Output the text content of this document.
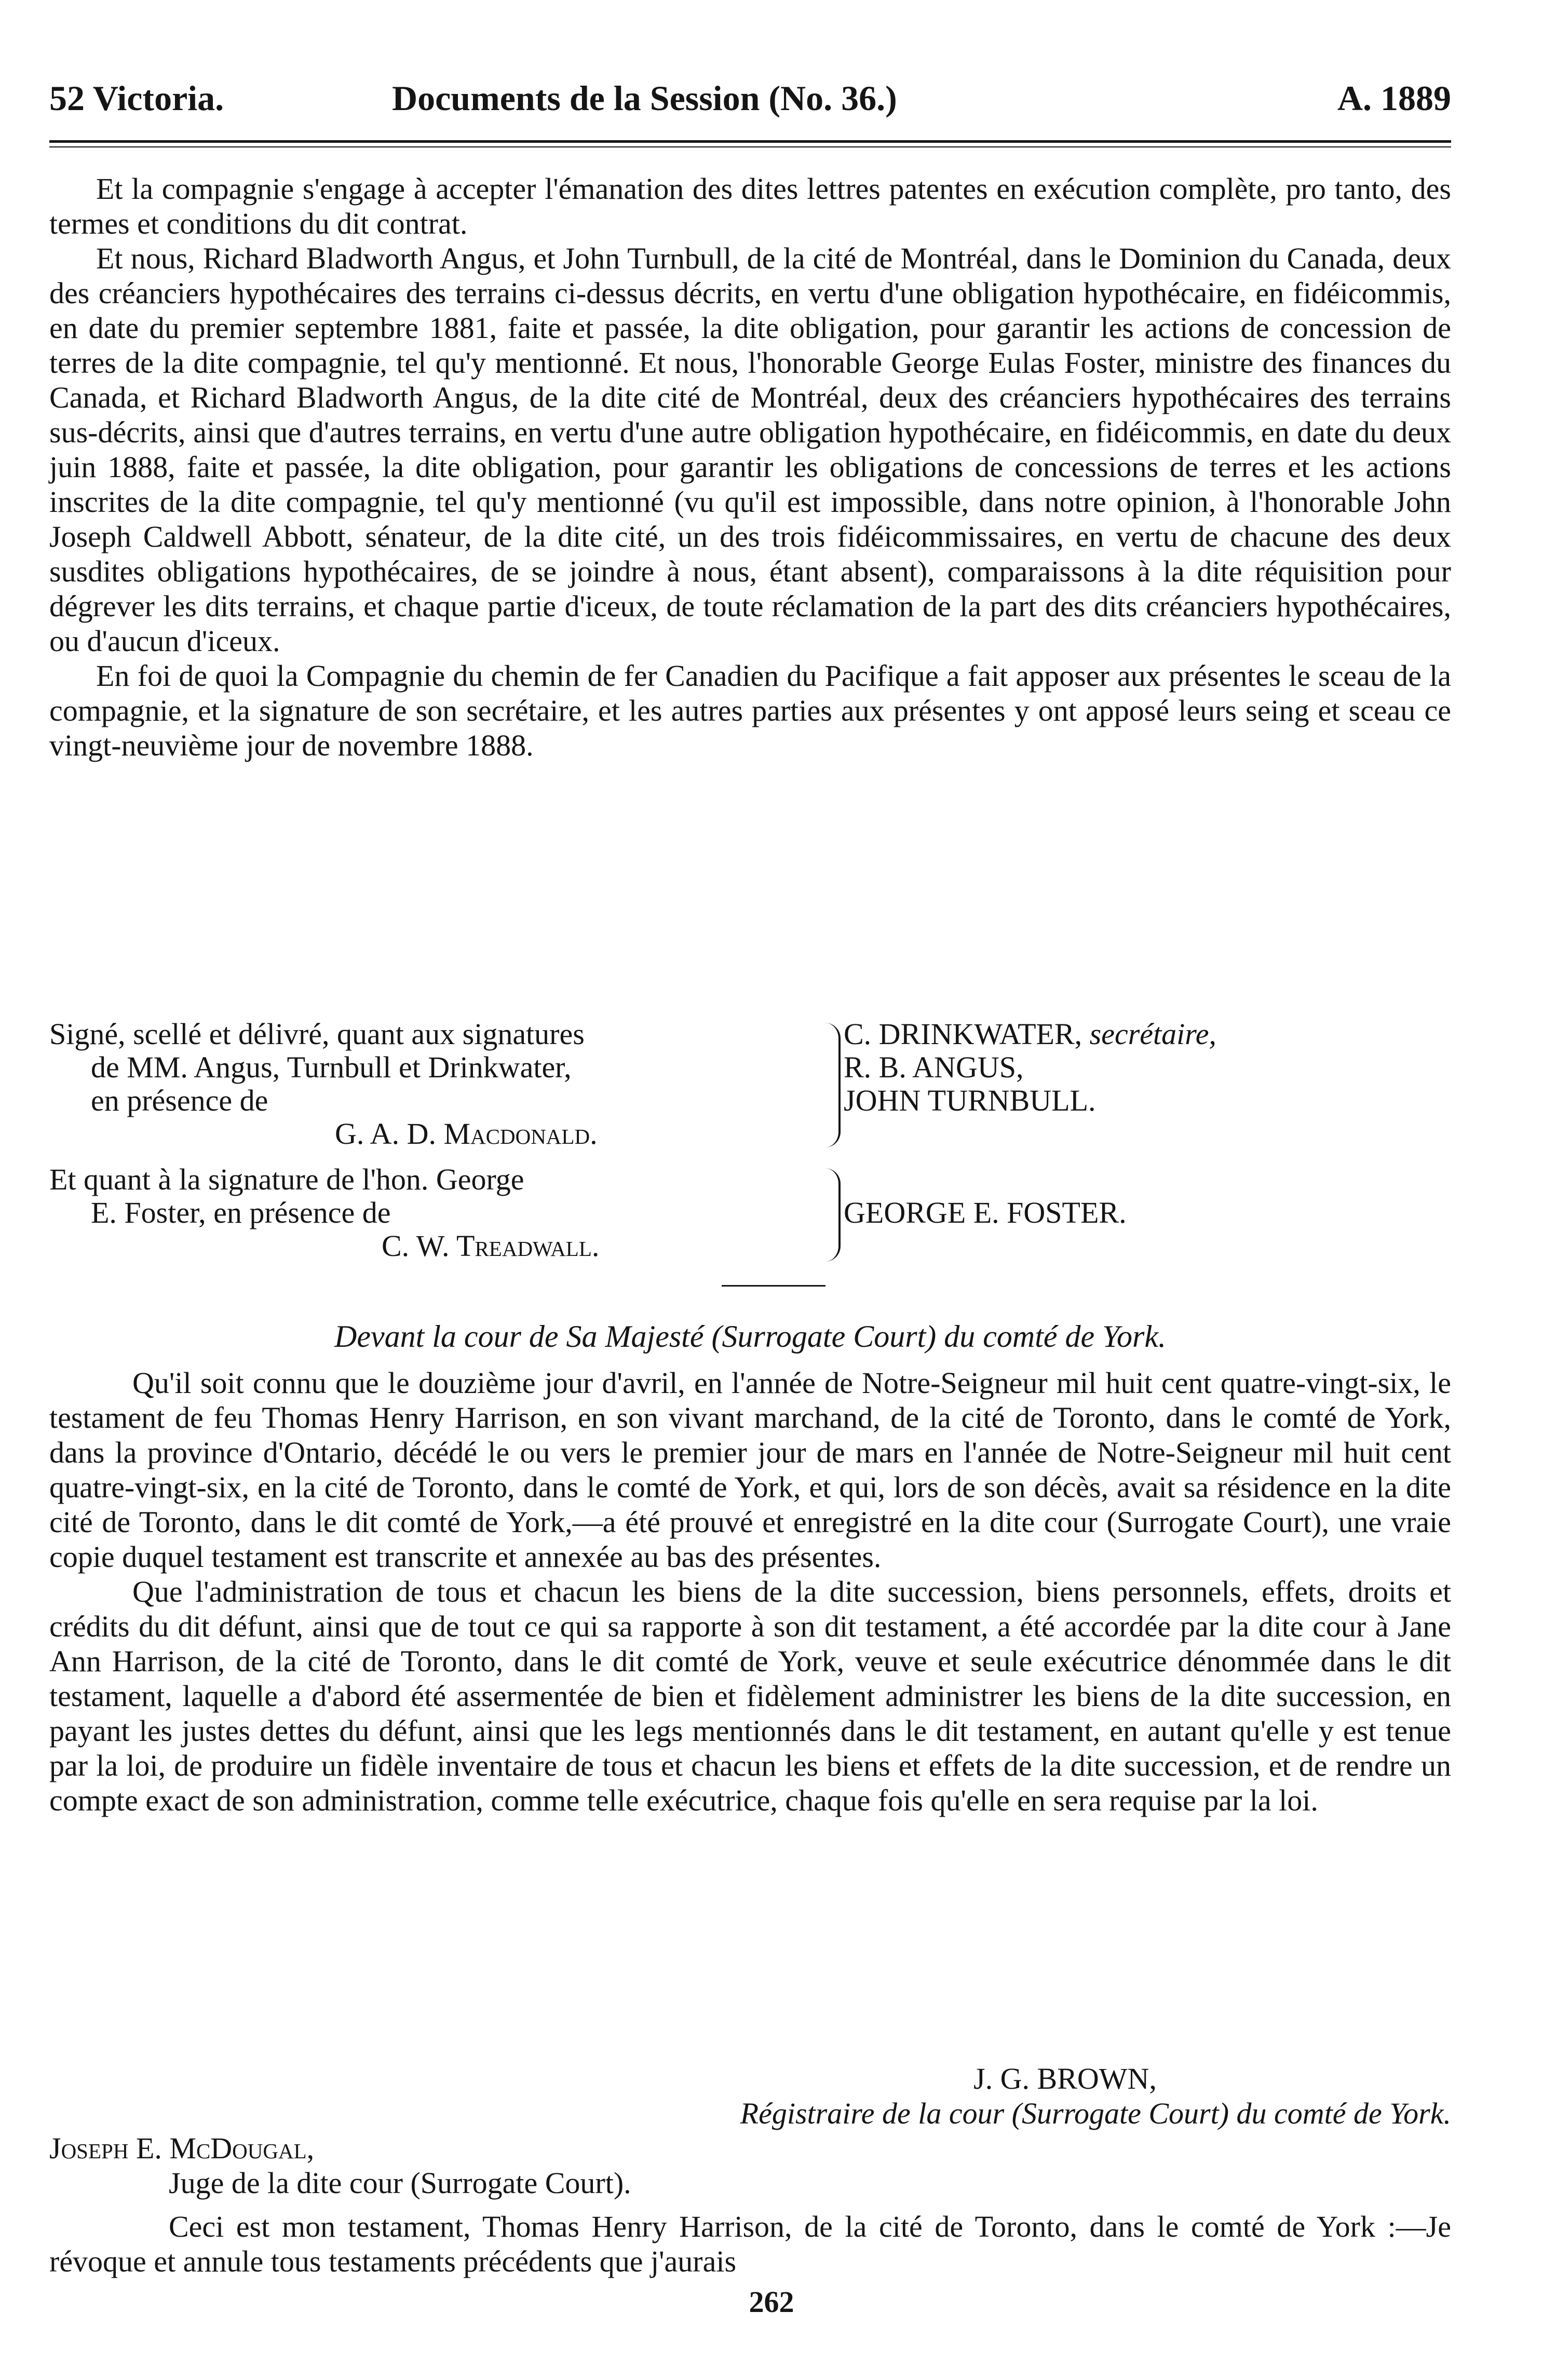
52 Victoria.	Documents de la Session (No. 36.)	A. 1889

Et la compagnie s'engage à accepter l'émanation des dites lettres patentes en exécution complète, pro tanto, des termes et conditions du dit contrat.

Et nous, Richard Bladworth Angus, et John Turnbull, de la cité de Montréal, dans le Dominion du Canada, deux des créanciers hypothécaires des terrains ci-dessus décrits, en vertu d'une obligation hypothécaire, en fidéicommis, en date du premier septembre 1881, faite et passée, la dite obligation, pour garantir les actions de concession de terres de la dite compagnie, tel qu'y mentionné. Et nous, l'honorable George Eulas Foster, ministre des finances du Canada, et Richard Bladworth Angus, de la dite cité de Montréal, deux des créanciers hypothécaires des terrains sus-décrits, ainsi que d'autres terrains, en vertu d'une autre obligation hypothécaire, en fidéicommis, en date du deux juin 1888, faite et passée, la dite obligation, pour garantir les obligations de concessions de terres et les actions inscrites de la dite compagnie, tel qu'y mentionné (vu qu'il est impossible, dans notre opinion, à l'honorable John Joseph Caldwell Abbott, sénateur, de la dite cité, un des trois fidéicommissaires, en vertu de chacune des deux susdites obligations hypothécaires, de se joindre à nous, étant absent), comparaissons à la dite réquisition pour dégrever les dits terrains, et chaque partie d'iceux, de toute réclamation de la part des dits créanciers hypothécaires, ou d'aucun d'iceux.

En foi de quoi la Compagnie du chemin de fer Canadien du Pacifique a fait apposer aux présentes le sceau de la compagnie, et la signature de son secrétaire, et les autres parties aux présentes y ont apposé leurs seing et sceau ce vingt-neuvième jour de novembre 1888.

Signé, scellé et délivré, quant aux signatures
de MM. Angus, Turnbull et Drinkwater,
en présence de
G. A. D. Macdonald.
C. DRINKWATER, secrétaire,
R. B. ANGUS,
JOHN TURNBULL.
Et quant à la signature de l'hon. George
E. Foster, en présence de
C. W. Treadwall.
GEORGE E. FOSTER.
Devant la cour de Sa Majesté (Surrogate Court) du comté de York.

Qu'il soit connu que le douzième jour d'avril, en l'année de Notre-Seigneur mil huit cent quatre-vingt-six, le testament de feu Thomas Henry Harrison, en son vivant marchand, de la cité de Toronto, dans le comté de York, dans la province d'Ontario, décédé le ou vers le premier jour de mars en l'année de Notre-Seigneur mil huit cent quatre-vingt-six, en la cité de Toronto, dans le comté de York, et qui, lors de son décès, avait sa résidence en la dite cité de Toronto, dans le dit comté de York,—a été prouvé et enregistré en la dite cour (Surrogate Court), une vraie copie duquel testament est transcrite et annexée au bas des présentes.

Que l'administration de tous et chacun les biens de la dite succession, biens personnels, effets, droits et crédits du dit défunt, ainsi que de tout ce qui sa rapporte à son dit testament, a été accordée par la dite cour à Jane Ann Harrison, de la cité de Toronto, dans le dit comté de York, veuve et seule exécutrice dénommée dans le dit testament, laquelle a d'abord été assermentée de bien et fidèlement administrer les biens de la dite succession, en payant les justes dettes du défunt, ainsi que les legs mentionnés dans le dit testament, en autant qu'elle y est tenue par la loi, de produire un fidèle inventaire de tous et chacun les biens et effets de la dite succession, et de rendre un compte exact de son administration, comme telle exécutrice, chaque fois qu'elle en sera requise par la loi.

J. G. BROWN,
Régistraire de la cour (Surrogate Court) du comté de York.
Joseph E. McDougal,
Juge de la dite cour (Surrogate Court).

Ceci est mon testament, Thomas Henry Harrison, de la cité de Toronto, dans le comté de York :—Je révoque et annule tous testaments précédents que j'aurais

262
